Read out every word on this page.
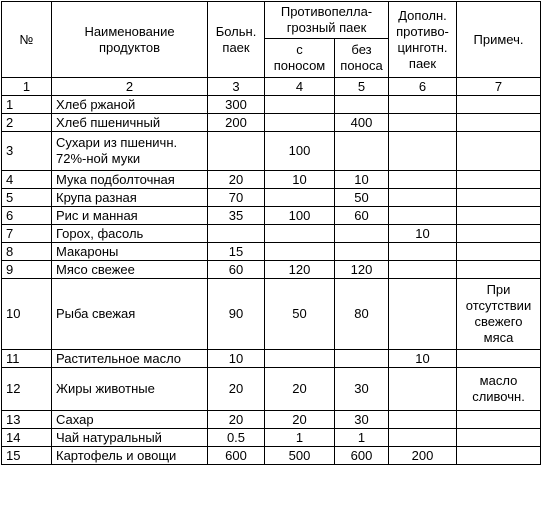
№	Наименование продуктов	Больн. паек	Противопелла-грозный паек		Дополн. противо-цинготн. паек	Примеч.
			с поносом	без поноса		
1	2	3	4	5	6	7
1	Хлеб ржаной	300				
2	Хлеб пшеничный	200		400		
3	Сухари из пшеничн. 72%-ной муки		100			
4	Мука подболточная	20	10	10		
5	Крупа разная	70		50		
6	Рис и манная	35	100	60		
7	Горох, фасоль				10	
8	Макароны	15				
9	Мясо свежее	60	120	120		
10	Рыба свежая	90	50	80		При отсутствии свежего мяса
11	Растительное масло	10			10	
12	Жиры животные	20	20	30		масло сливочн.
13	Сахар	20	20	30		
14	Чай натуральный	0.5	1	1		
15	Картофель и овощи	600	500	600	200	
